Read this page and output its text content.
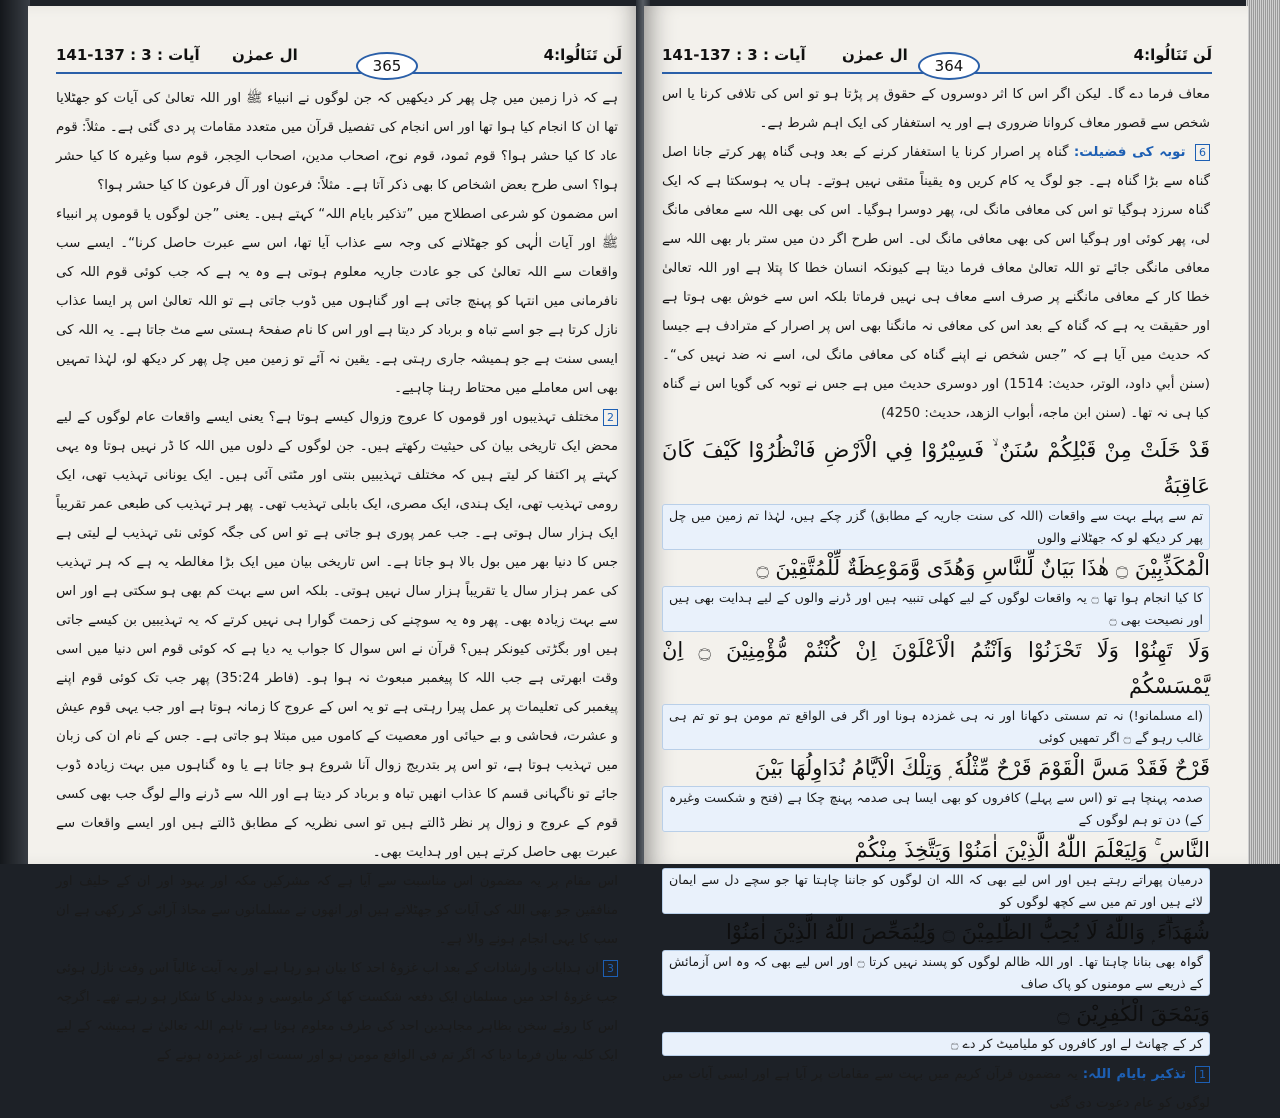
141-137 : آیات : 3 ال عمرٰن
365
لَن تَنَالُوا:4

ہے کہ ذرا زمین میں چل پھر کر دیکھیں کہ جن لوگوں نے انبیاء ﷺ اور اللہ تعالیٰ کی آیات کو جھٹلایا تھا ان کا انجام کیا ہوا تھا اور اس انجام کی تفصیل قرآن میں متعدد مقامات پر دی گئی ہے۔ مثلاً: قوم عاد کا کیا حشر ہوا؟ قوم ثمود، قوم نوح، اصحاب مدین، اصحاب الحِجر، قوم سبا وغیرہ کا کیا حشر ہوا؟ اسی طرح بعض اشخاص کا بھی ذکر آتا ہے۔ مثلاً: فرعون اور آل فرعون کا کیا حشر ہوا؟

اس مضمون کو شرعی اصطلاح میں ”تذکیر بایام اللہ“ کہتے ہیں۔ یعنی ”جن لوگوں یا قوموں پر انبیاء ﷺ اور آیات الٰہی کو جھٹلانے کی وجہ سے عذاب آیا تھا، اس سے عبرت حاصل کرنا“۔ ایسے سب واقعات سے اللہ تعالیٰ کی جو عادت جاریہ معلوم ہوتی ہے وہ یہ ہے کہ جب کوئی قوم اللہ کی نافرمانی میں انتہا کو پہنچ جاتی ہے اور گناہوں میں ڈوب جاتی ہے تو اللہ تعالیٰ اس پر ایسا عذاب نازل کرتا ہے جو اسے تباہ و برباد کر دیتا ہے اور اس کا نام صفحۂ ہستی سے مٹ جاتا ہے۔ یہ اللہ کی ایسی سنت ہے جو ہمیشہ جاری رہتی ہے۔ یقین نہ آئے تو زمین میں چل پھر کر دیکھ لو، لہٰذا تمہیں بھی اس معاملے میں محتاط رہنا چاہیے۔

2مختلف تہذیبوں اور قوموں کا عروج وزوال کیسے ہوتا ہے؟ یعنی ایسے واقعات عام لوگوں کے لیے محض ایک تاریخی بیان کی حیثیت رکھتے ہیں۔ جن لوگوں کے دلوں میں اللہ کا ڈر نہیں ہوتا وہ یہی کہتے پر اکتفا کر لیتے ہیں کہ مختلف تہذیبیں بنتی اور مٹتی آئی ہیں۔ ایک یونانی تہذیب تھی، ایک رومی تہذیب تھی، ایک ہندی، ایک مصری، ایک بابلی تہذیب تھی۔ پھر ہر تہذیب کی طبعی عمر تقریباً ایک ہزار سال ہوتی ہے۔ جب عمر پوری ہو جاتی ہے تو اس کی جگہ کوئی نئی تہذیب لے لیتی ہے جس کا دنیا بھر میں بول بالا ہو جاتا ہے۔ اس تاریخی بیان میں ایک بڑا مغالطہ یہ ہے کہ ہر تہذیب کی عمر ہزار سال یا تقریباً ہزار سال نہیں ہوتی۔ بلکہ اس سے بہت کم بھی ہو سکتی ہے اور اس سے بہت زیادہ بھی۔ پھر وہ یہ سوچنے کی زحمت گوارا ہی نہیں کرتے کہ یہ تہذیبیں بن کیسے جاتی ہیں اور بگڑتی کیونکر ہیں؟ قرآن نے اس سوال کا جواب یہ دیا ہے کہ کوئی قوم اس دنیا میں اسی وقت ابھرتی ہے جب اللہ کا پیغمبر مبعوث نہ ہوا ہو۔ (فاطر 35:24) پھر جب تک کوئی قوم اپنے پیغمبر کی تعلیمات پر عمل پیرا رہتی ہے تو یہ اس کے عروج کا زمانہ ہوتا ہے اور جب یہی قوم عیش و عشرت، فحاشی و بے حیائی اور معصیت کے کاموں میں مبتلا ہو جاتی ہے۔ جس کے نام ان کی زبان میں تہذیب ہوتا ہے، تو اس پر بتدریج زوال آنا شروع ہو جاتا ہے یا وہ گناہوں میں بہت زیادہ ڈوب جائے تو ناگہانی قسم کا عذاب انھیں تباہ و برباد کر دیتا ہے اور اللہ سے ڈرنے والے لوگ جب بھی کسی قوم کے عروج و زوال پر نظر ڈالتے ہیں تو اسی نظریہ کے مطابق ڈالتے ہیں اور ایسے واقعات سے عبرت بھی حاصل کرتے ہیں اور ہدایت بھی۔

اس مقام پر یہ مضمون اس مناسبت سے آیا ہے کہ مشرکین مکہ اور یہود اور ان کے حلیف اور منافقین جو بھی اللہ کی آیات کو جھٹلاتے ہیں اور انھوں نے مسلمانوں سے محاذ آرائی کر رکھی ہے ان سب کا یہی انجام ہونے والا ہے۔

3ان ہدایات وارشادات کے بعد اب غزوۂ احد کا بیان ہو رہا ہے اور یہ آیت غالباً اس وقت نازل ہوئی جب غزوۂ احد میں مسلمان ایک دفعہ شکست کھا کر مایوسی و بددلی کا شکار ہو رہے تھے۔ اگرچہ اس کا روئے سخن بظاہر مجاہدین احد کی طرف معلوم ہوتا ہے، تاہم اللہ تعالیٰ نے ہمیشہ کے لیے ایک کلیہ بیان فرما دیا کہ اگر تم فی الواقع مومن ہو اور سست اور غمزدہ ہونے کے

141-137 : آیات : 3 ال عمرٰن
364
لَن تَنَالُوا:4

معاف فرما دے گا۔ لیکن اگر اس کا اثر دوسروں کے حقوق پر پڑتا ہو تو اس کی تلافی کرنا یا اس شخص سے قصور معاف کروانا ضروری ہے اور یہ استغفار کی ایک اہم شرط ہے۔

6 توبہ کی فضیلت: گناہ پر اصرار کرنا یا استغفار کرنے کے بعد وہی گناہ پھر کرتے جانا اصل گناہ سے بڑا گناہ ہے۔ جو لوگ یہ کام کریں وہ یقیناً متقی نہیں ہوتے۔ ہاں یہ ہوسکتا ہے کہ ایک گناہ سرزد ہوگیا تو اس کی معافی مانگ لی، پھر دوسرا ہوگیا۔ اس کی بھی اللہ سے معافی مانگ لی، پھر کوئی اور ہوگیا اس کی بھی معافی مانگ لی۔ اس طرح اگر دن میں ستر بار بھی اللہ سے معافی مانگی جائے تو اللہ تعالیٰ معاف فرما دیتا ہے کیونکہ انسان خطا کا پتلا ہے اور اللہ تعالیٰ خطا کار کے معافی مانگنے پر صرف اسے معاف ہی نہیں فرماتا بلکہ اس سے خوش بھی ہوتا ہے اور حقیقت یہ ہے کہ گناہ کے بعد اس کی معافی نہ مانگنا بھی اس پر اصرار کے مترادف ہے جیسا کہ حدیث میں آیا ہے کہ ”جس شخص نے اپنے گناہ کی معافی مانگ لی، اسے نہ ضد نہیں کی“۔ (سنن أبي داود، الوتر، حديث: 1514) اور دوسری حدیث میں ہے جس نے توبہ کی گویا اس نے گناہ کیا ہی نہ تھا۔ (سنن ابن ماجه، أبواب الزهد، حديث: 4250)

قَدْ خَلَتْ مِنْ قَبْلِكُمْ سُنَنٌ ۙ فَسِيْرُوْا فِي الْاَرْضِ فَانْظُرُوْا كَيْفَ كَانَ عَاقِبَةُ

تم سے پہلے بہت سے واقعات (اللہ کی سنت جاریہ کے مطابق) گزر چکے ہیں، لہٰذا تم زمین میں چل پھر کر دیکھ لو کہ جھٹلانے والوں

الْمُكَذِّبِيْنَ ۝ هٰذَا بَيَانٌ لِّلنَّاسِ وَهُدًى وَّمَوْعِظَةٌ لِّلْمُتَّقِيْنَ ۝

کا کیا انجام ہوا تھا ۝ یہ واقعات لوگوں کے لیے کھلی تنبیہ ہیں اور ڈرنے والوں کے لیے ہدایت بھی ہیں اور نصیحت بھی ۝

وَلَا تَهِنُوْا وَلَا تَحْزَنُوْا وَاَنْتُمُ الْاَعْلَوْنَ اِنْ كُنْتُمْ مُّؤْمِنِيْنَ ۝ اِنْ يَّمْسَسْكُمْ

(اے مسلمانو!) نہ تم سستی دکھانا اور نہ ہی غمزدہ ہونا اور اگر فی الواقع تم مومن ہو تو تم ہی غالب رہو گے ۝ اگر تمھیں کوئی

قَرْحٌ فَقَدْ مَسَّ الْقَوْمَ قَرْحٌ مِّثْلُهٗ ۭ وَتِلْكَ الْاَيَّامُ نُدَاوِلُهَا بَيْنَ

صدمہ پہنچا ہے تو (اس سے پہلے) کافروں کو بھی ایسا ہی صدمہ پہنچ چکا ہے (فتح و شکست وغیرہ کے) دن تو ہم لوگوں کے

النَّاسِ ۚ وَلِيَعْلَمَ اللّٰهُ الَّذِيْنَ اٰمَنُوْا وَيَتَّخِذَ مِنْكُمْ

درمیان پھراتے رہتے ہیں اور اس لیے بھی کہ اللہ ان لوگوں کو جاننا چاہتا تھا جو سچے دل سے ایمان لائے ہیں اور تم میں سے کچھ لوگوں کو

شُهَدَاۗءَ ۭ وَاللّٰهُ لَا يُحِبُّ الظّٰلِمِيْنَ ۝ وَلِيُمَحِّصَ اللّٰهُ الَّذِيْنَ اٰمَنُوْا

گواہ بھی بنانا چاہتا تھا۔ اور اللہ ظالم لوگوں کو پسند نہیں کرتا ۝ اور اس لیے بھی کہ وہ اس آزمائش کے ذریعے سے مومنوں کو پاک صاف

وَيَمْحَقَ الْكٰفِرِيْنَ ۝

کر کے چھانٹ لے اور کافروں کو ملیامیٹ کر دے ۝

1 تذکیر بایام اللہ: یہ مضمون قرآن کریم میں بہت سے مقامات پر آیا ہے اور ایسی آیات میں لوگوں کو عام دعوت دی گئی
